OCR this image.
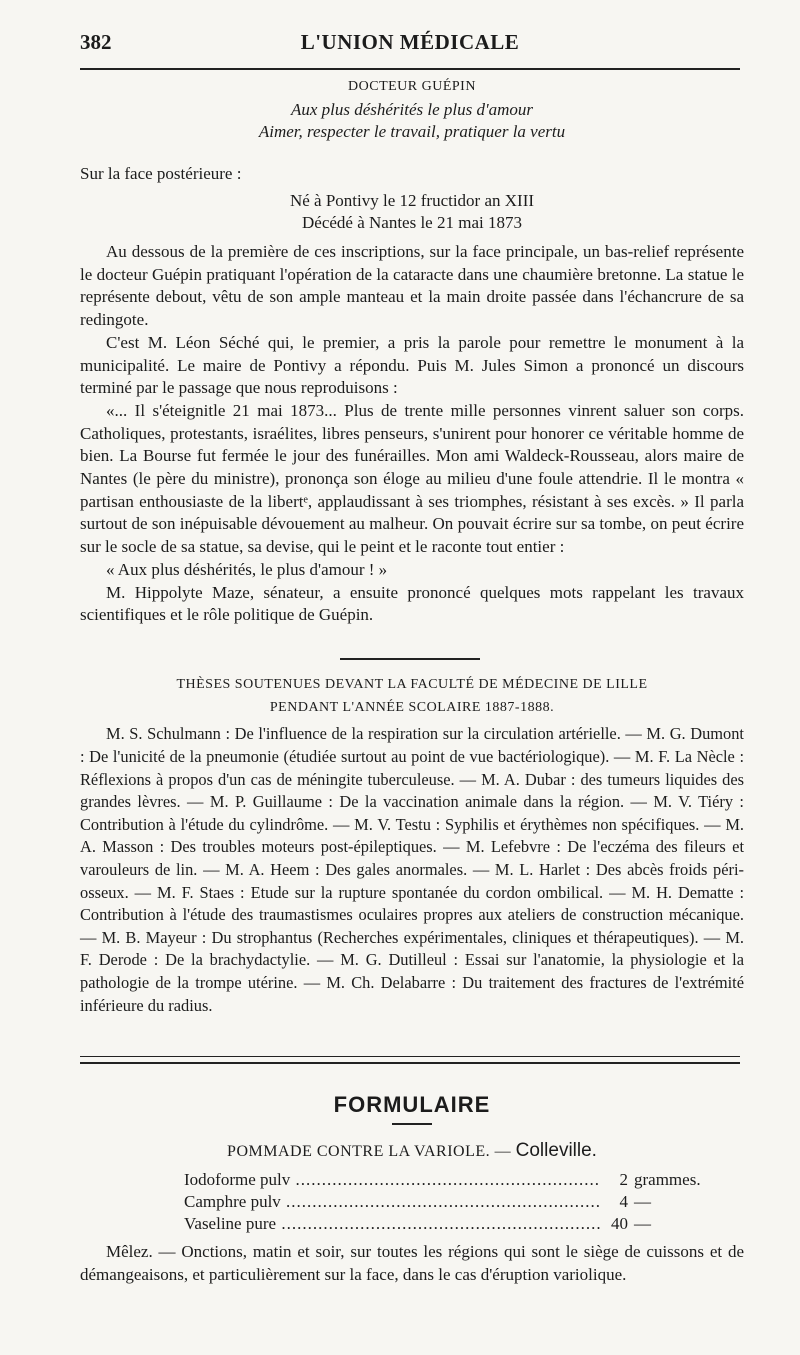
382	L'UNION MÉDICALE
DOCTEUR GUÉPIN
Aux plus déshérités le plus d'amour
Aimer, respecter le travail, pratiquer la vertu
Sur la face postérieure :
Né à Pontivy le 12 fructidor an XIII
Décédé à Nantes le 21 mai 1873

Au dessous de la première de ces inscriptions, sur la face principale, un bas-relief représente le docteur Guépin pratiquant l'opération de la cataracte dans une chaumière bretonne. La statue le représente debout, vêtu de son ample manteau et la main droite passée dans l'échancrure de sa redingote.

C'est M. Léon Séché qui, le premier, a pris la parole pour remettre le monument à la municipalité. Le maire de Pontivy a répondu. Puis M. Jules Simon a prononcé un discours terminé par le passage que nous reproduisons :

«... Il s'éteignitle 21 mai 1873... Plus de trente mille personnes vinrent saluer son corps. Catholiques, protestants, israélites, libres penseurs, s'unirent pour honorer ce véritable homme de bien. La Bourse fut fermée le jour des funérailles. Mon ami Waldeck-Rousseau, alors maire de Nantes (le père du ministre), prononça son éloge au milieu d'une foule attendrie. Il le montra « partisan enthousiaste de la libertᵉ, applaudissant à ses triomphes, résistant à ses excès. » Il parla surtout de son inépuisable dévouement au malheur. On pouvait écrire sur sa tombe, on peut écrire sur le socle de sa statue, sa devise, qui le peint et le raconte tout entier :

« Aux plus déshérités, le plus d'amour ! »

M. Hippolyte Maze, sénateur, a ensuite prononcé quelques mots rappelant les travaux scientifiques et le rôle politique de Guépin.

THÈSES SOUTENUES DEVANT LA FACULTÉ DE MÉDECINE DE LILLE
PENDANT L'ANNÉE SCOLAIRE 1887-1888.

M. S. Schulmann : De l'influence de la respiration sur la circulation artérielle. — M. G. Dumont : De l'unicité de la pneumonie (étudiée surtout au point de vue bactériologique). — M. F. La Nècle : Réflexions à propos d'un cas de méningite tuberculeuse. — M. A. Dubar : des tumeurs liquides des grandes lèvres. — M. P. Guillaume : De la vaccination animale dans la région. — M. V. Tiéry : Contribution à l'étude du cylindrôme. — M. V. Testu : Syphilis et érythèmes non spécifiques. — M. A. Masson : Des troubles moteurs post-épileptiques. — M. Lefebvre : De l'eczéma des fileurs et varouleurs de lin. — M. A. Heem : Des gales anormales. — M. L. Harlet : Des abcès froids péri-osseux. — M. F. Staes : Etude sur la rupture spontanée du cordon ombilical. — M. H. Dematte : Contribution à l'étude des traumastismes oculaires propres aux ateliers de construction mécanique. — M. B. Mayeur : Du strophantus (Recherches expérimentales, cliniques et thérapeutiques). — M. F. Derode : De la brachydactylie. — M. G. Dutilleul : Essai sur l'anatomie, la physiologie et la pathologie de la trompe utérine. — M. Ch. Delabarre : Du traitement des fractures de l'extrémité inférieure du radius.

FORMULAIRE
POMMADE CONTRE LA VARIOLE. — Colleville.
Iodoforme pulv .....	2 grammes.
Camphre pulv .....	4 —
Vaseline pure .....	40 —

Mêlez. — Onctions, matin et soir, sur toutes les régions qui sont le siège de cuissons et de démangeaisons, et particulièrement sur la face, dans le cas d'éruption variolique.
